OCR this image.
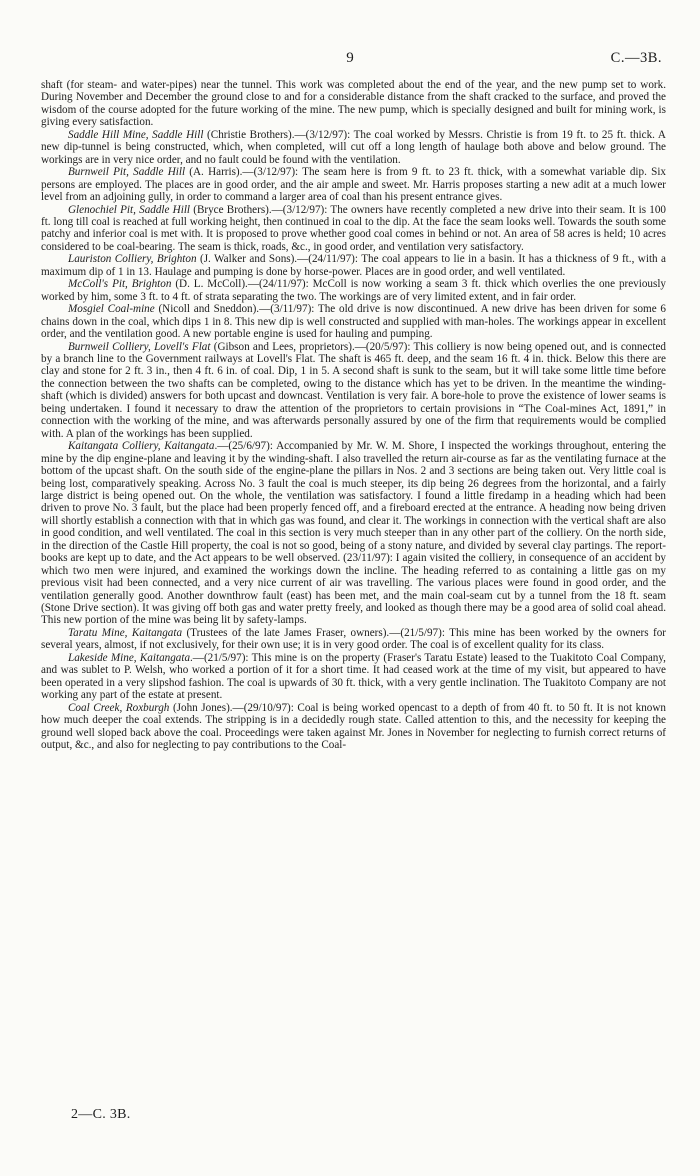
9	C.—3B.

shaft (for steam- and water-pipes) near the tunnel. This work was completed about the end of the year, and the new pump set to work. During November and December the ground close to and for a considerable distance from the shaft cracked to the surface, and proved the wisdom of the course adopted for the future working of the mine. The new pump, which is specially designed and built for mining work, is giving every satisfaction.

Saddle Hill Mine, Saddle Hill (Christie Brothers).—(3/12/97): The coal worked by Messrs. Christie is from 19 ft. to 25 ft. thick. A new dip-tunnel is being constructed, which, when completed, will cut off a long length of haulage both above and below ground. The workings are in very nice order, and no fault could be found with the ventilation.

Burnweil Pit, Saddle Hill (A. Harris).—(3/12/97): The seam here is from 9 ft. to 23 ft. thick, with a somewhat variable dip. Six persons are employed. The places are in good order, and the air ample and sweet. Mr. Harris proposes starting a new adit at a much lower level from an adjoining gully, in order to command a larger area of coal than his present entrance gives.

Glenochiel Pit, Saddle Hill (Bryce Brothers).—(3/12/97): The owners have recently completed a new drive into their seam. It is 100 ft. long till coal is reached at full working height, then continued in coal to the dip. At the face the seam looks well. Towards the south some patchy and inferior coal is met with. It is proposed to prove whether good coal comes in behind or not. An area of 58 acres is held; 10 acres considered to be coal-bearing. The seam is thick, roads, &c., in good order, and ventilation very satisfactory.

Lauriston Colliery, Brighton (J. Walker and Sons).—(24/11/97): The coal appears to lie in a basin. It has a thickness of 9 ft., with a maximum dip of 1 in 13. Haulage and pumping is done by horse-power. Places are in good order, and well ventilated.

McColl's Pit, Brighton (D. L. McColl).—(24/11/97): McColl is now working a seam 3 ft. thick which overlies the one previously worked by him, some 3 ft. to 4 ft. of strata separating the two. The workings are of very limited extent, and in fair order.

Mosgiel Coal-mine (Nicoll and Sneddon).—(3/11/97): The old drive is now discontinued. A new drive has been driven for some 6 chains down in the coal, which dips 1 in 8. This new dip is well constructed and supplied with man-holes. The workings appear in excellent order, and the ventilation good. A new portable engine is used for hauling and pumping.

Burnweil Colliery, Lovell's Flat (Gibson and Lees, proprietors).—(20/5/97): This colliery is now being opened out, and is connected by a branch line to the Government railways at Lovell's Flat. The shaft is 465 ft. deep, and the seam 16 ft. 4 in. thick. Below this there are clay and stone for 2 ft. 3 in., then 4 ft. 6 in. of coal. Dip, 1 in 5. A second shaft is sunk to the seam, but it will take some little time before the connection between the two shafts can be completed, owing to the distance which has yet to be driven. In the meantime the winding-shaft (which is divided) answers for both upcast and downcast. Ventilation is very fair. A bore-hole to prove the existence of lower seams is being undertaken. I found it necessary to draw the attention of the proprietors to certain provisions in “The Coal-mines Act, 1891,” in connection with the working of the mine, and was afterwards personally assured by one of the firm that requirements would be complied with. A plan of the workings has been supplied.

Kaitangata Colliery, Kaitangata.—(25/6/97): Accompanied by Mr. W. M. Shore, I inspected the workings throughout, entering the mine by the dip engine-plane and leaving it by the winding-shaft. I also travelled the return air-course as far as the ventilating furnace at the bottom of the upcast shaft. On the south side of the engine-plane the pillars in Nos. 2 and 3 sections are being taken out. Very little coal is being lost, comparatively speaking. Across No. 3 fault the coal is much steeper, its dip being 26 degrees from the horizontal, and a fairly large district is being opened out. On the whole, the ventilation was satisfactory. I found a little firedamp in a heading which had been driven to prove No. 3 fault, but the place had been properly fenced off, and a fireboard erected at the entrance. A heading now being driven will shortly establish a connection with that in which gas was found, and clear it. The workings in connection with the vertical shaft are also in good condition, and well ventilated. The coal in this section is very much steeper than in any other part of the colliery. On the north side, in the direction of the Castle Hill property, the coal is not so good, being of a stony nature, and divided by several clay partings. The report-books are kept up to date, and the Act appears to be well observed. (23/11/97): I again visited the colliery, in consequence of an accident by which two men were injured, and examined the workings down the incline. The heading referred to as containing a little gas on my previous visit had been connected, and a very nice current of air was travelling. The various places were found in good order, and the ventilation generally good. Another downthrow fault (east) has been met, and the main coal-seam cut by a tunnel from the 18 ft. seam (Stone Drive section). It was giving off both gas and water pretty freely, and looked as though there may be a good area of solid coal ahead. This new portion of the mine was being lit by safety-lamps.

Taratu Mine, Kaitangata (Trustees of the late James Fraser, owners).—(21/5/97): This mine has been worked by the owners for several years, almost, if not exclusively, for their own use; it is in very good order. The coal is of excellent quality for its class.

Lakeside Mine, Kaitangata.—(21/5/97): This mine is on the property (Fraser's Taratu Estate) leased to the Tuakitoto Coal Company, and was sublet to P. Welsh, who worked a portion of it for a short time. It had ceased work at the time of my visit, but appeared to have been operated in a very slipshod fashion. The coal is upwards of 30 ft. thick, with a very gentle inclination. The Tuakitoto Company are not working any part of the estate at present.

Coal Creek, Roxburgh (John Jones).—(29/10/97): Coal is being worked opencast to a depth of from 40 ft. to 50 ft. It is not known how much deeper the coal extends. The stripping is in a decidedly rough state. Called attention to this, and the necessity for keeping the ground well sloped back above the coal. Proceedings were taken against Mr. Jones in November for neglecting to furnish correct returns of output, &c., and also for neglecting to pay contributions to the Coal-

2—C. 3B.
